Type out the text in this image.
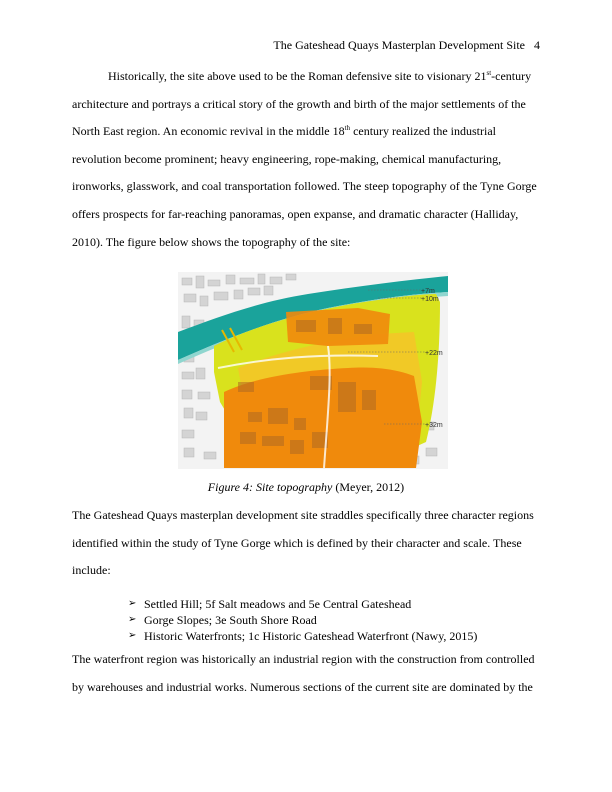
The Gateshead Quays Masterplan Development Site 4
Historically, the site above used to be the Roman defensive site to visionary 21st-century architecture and portrays a critical story of the growth and birth of the major settlements of the North East region. An economic revival in the middle 18th century realized the industrial revolution become prominent; heavy engineering, rope-making, chemical manufacturing, ironworks, glasswork, and coal transportation followed. The steep topography of the Tyne Gorge offers prospects for far-reaching panoramas, open expanse, and dramatic character (Halliday, 2010). The figure below shows the topography of the site:
+7m
+10m
+22m
+32m
Figure 4: Site topography (Meyer, 2012)
The Gateshead Quays masterplan development site straddles specifically three character regions identified within the study of Tyne Gorge which is defined by their character and scale. These include:
➢ Settled Hill; 5f Salt meadows and 5e Central Gateshead
➢ Gorge Slopes; 3e South Shore Road
➢ Historic Waterfronts; 1c Historic Gateshead Waterfront (Nawy, 2015)
The waterfront region was historically an industrial region with the construction from controlled by warehouses and industrial works. Numerous sections of the current site are dominated by the
